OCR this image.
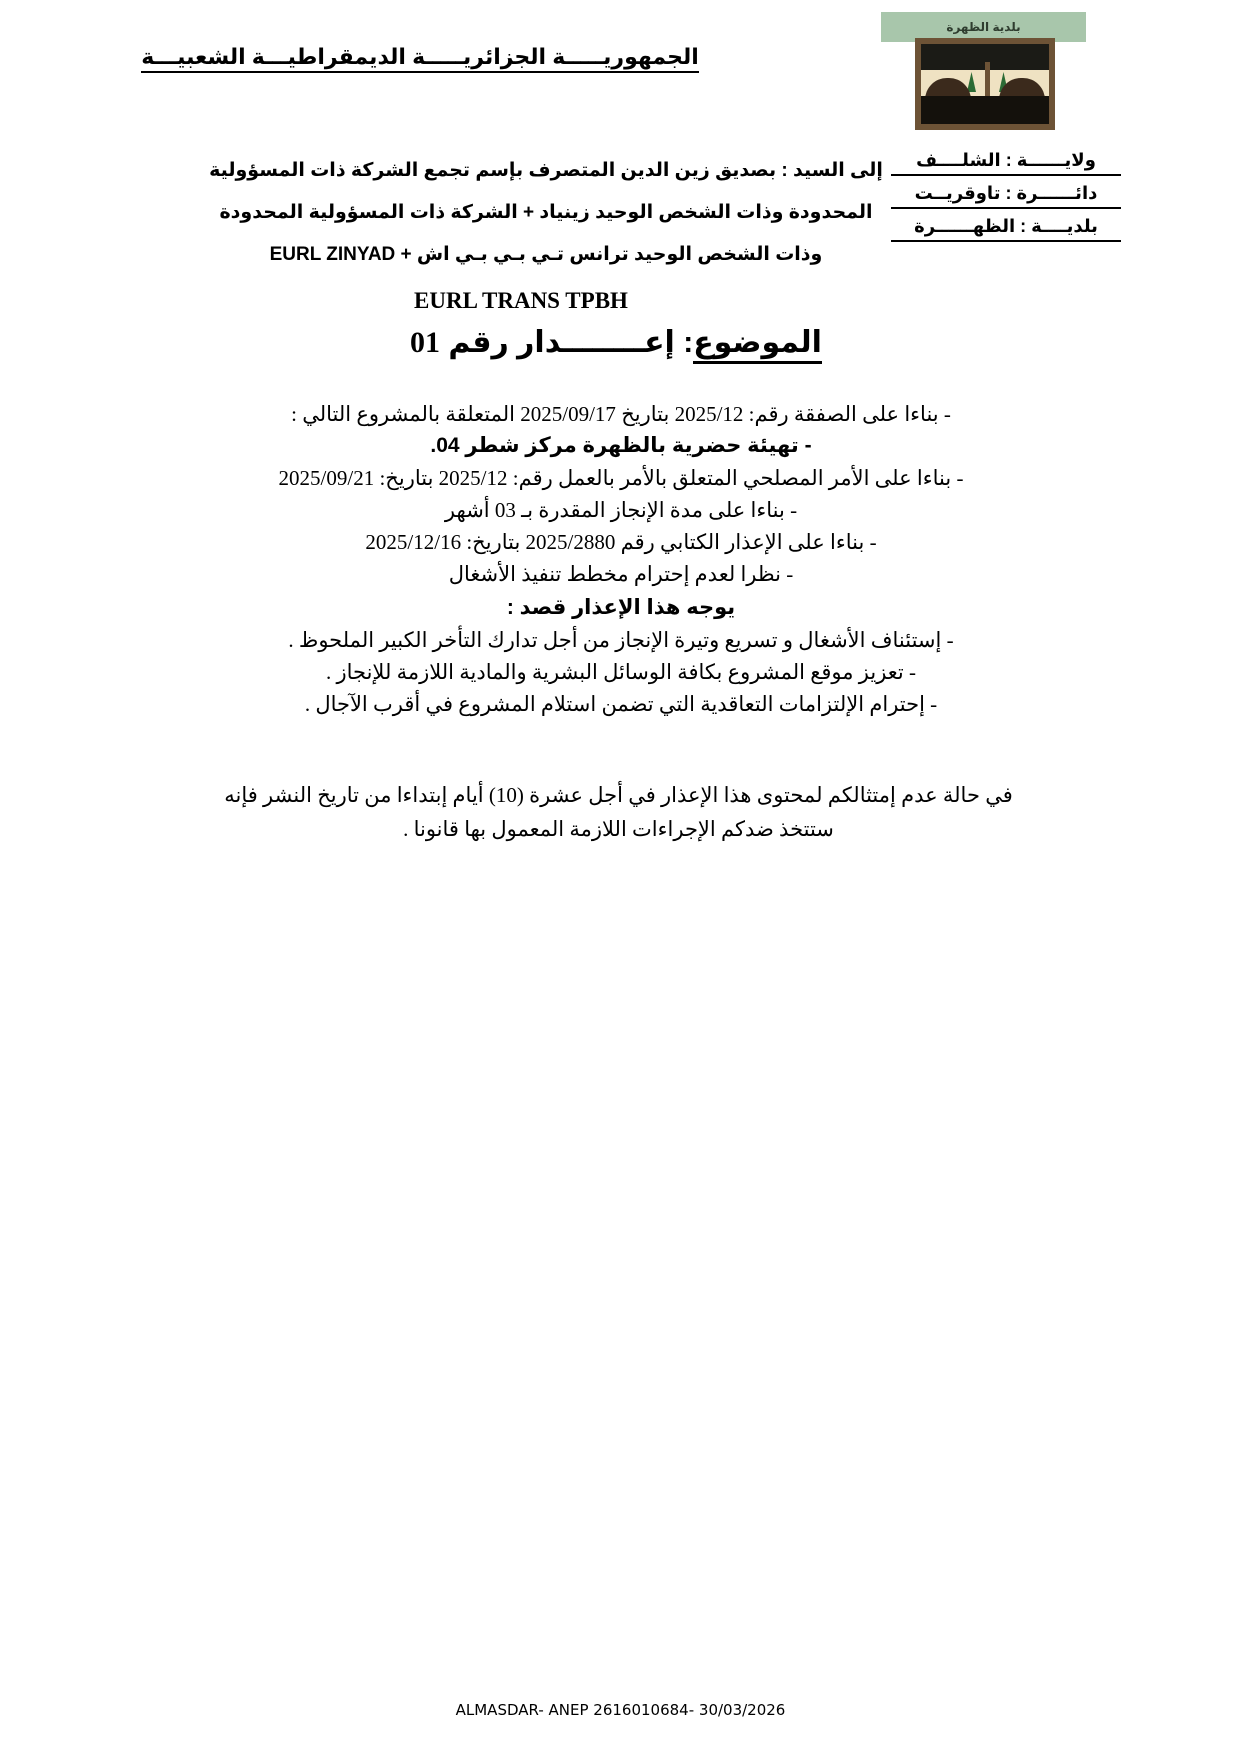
الجمهوريـــــة الجزائريـــــة الديمقراطيـــة الشعبيـــة
بلدية الظهرة
ولايــــــة : الشلــــف
دائــــــرة : تاوقريــت
بلديــــة : الظهــــــرة
إلى السيد : بصديق زين الدين المتصرف بإسم تجمع الشركة ذات المسؤولية
المحدودة وذات الشخص الوحيد زينياد + الشركة ذات المسؤولية المحدودة
وذات الشخص الوحيد ترانس تـي بـي بـي اش + EURL ZINYAD
EURL TRANS TPBH
الموضوع: إعــــــــدار رقم 01
- بناءا على الصفقة رقم: 2025/12 بتاريخ 2025/09/17 المتعلقة بالمشروع التالي :
- تهيئة حضرية بالظهرة مركز شطر 04.
- بناءا على الأمر المصلحي المتعلق بالأمر بالعمل رقم: 2025/12 بتاريخ: 2025/09/21
- بناءا على مدة الإنجاز المقدرة بـ 03 أشهر
- بناءا على الإعذار الكتابي رقم 2025/2880 بتاريخ: 2025/12/16
- نظرا لعدم إحترام مخطط تنفيذ الأشغال
يوجه هذا الإعذار قصد :
- إستئناف الأشغال و تسريع وتيرة الإنجاز من أجل تدارك التأخر الكبير الملحوظ .
- تعزيز موقع المشروع بكافة الوسائل البشرية والمادية اللازمة للإنجاز .
- إحترام الإلتزامات التعاقدية التي تضمن استلام المشروع في أقرب الآجال .
في حالة عدم إمتثالكم لمحتوى هذا الإعذار في أجل عشرة (10) أيام إبتداءا من تاريخ النشر فإنه
ستتخذ ضدكم الإجراءات اللازمة المعمول بها قانونا .
ALMASDAR- ANEP 2616010684- 30/03/2026
